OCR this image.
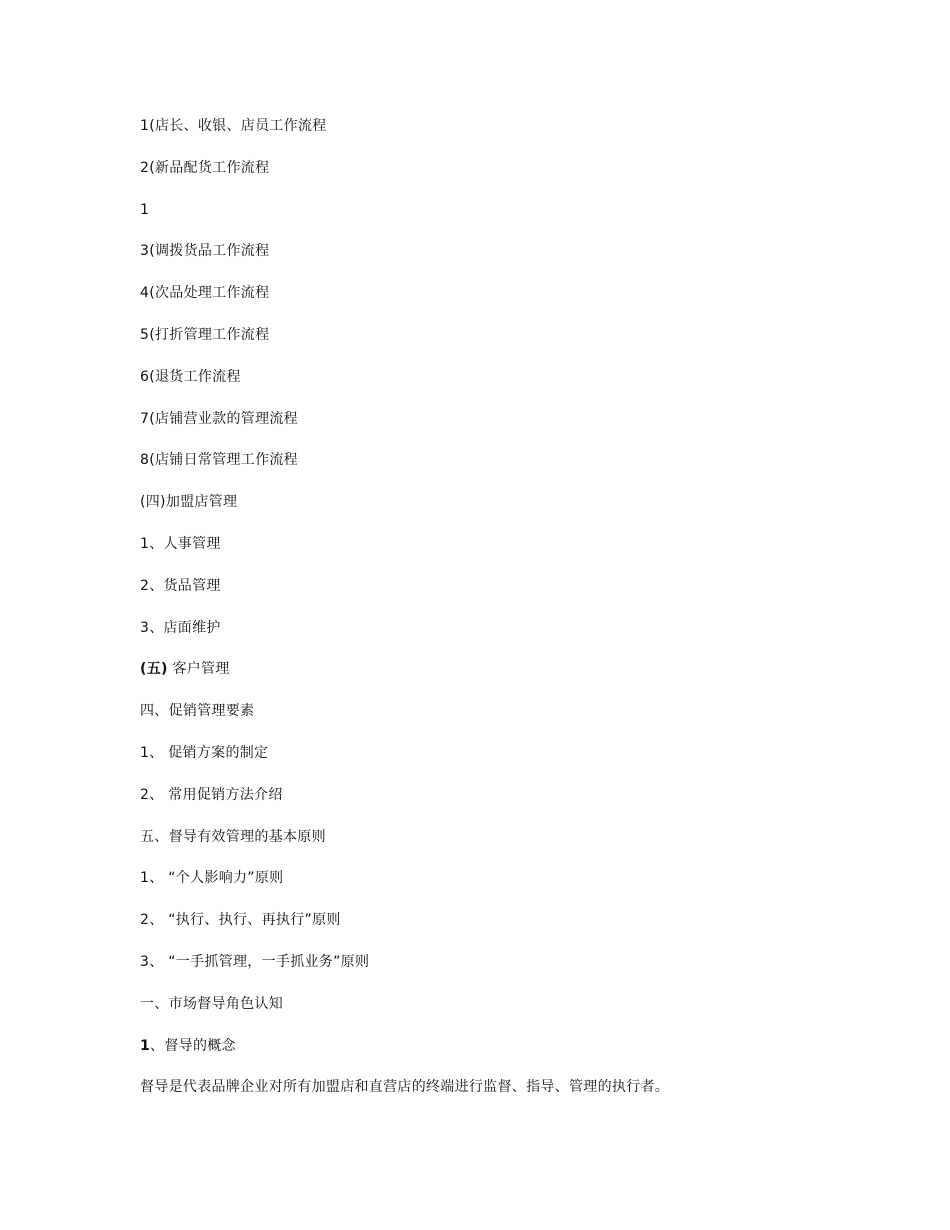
1(店长、收银、店员工作流程
2(新品配货工作流程
1
3(调拨货品工作流程
4(次品处理工作流程
5(打折管理工作流程
6(退货工作流程
7(店铺营业款的管理流程
8(店铺日常管理工作流程
(四)加盟店管理
1、人事管理
2、货品管理
3、店面维护
(五) 客户管理
四、促销管理要素
1、 促销方案的制定
2、 常用促销方法介绍
五、督导有效管理的基本原则
1、 “个人影响力”原则
2、 “执行、执行、再执行”原则
3、 “一手抓管理，一手抓业务”原则
一、市场督导角色认知
1、督导的概念
督导是代表品牌企业对所有加盟店和直营店的终端进行监督、指导、管理的执行者。
